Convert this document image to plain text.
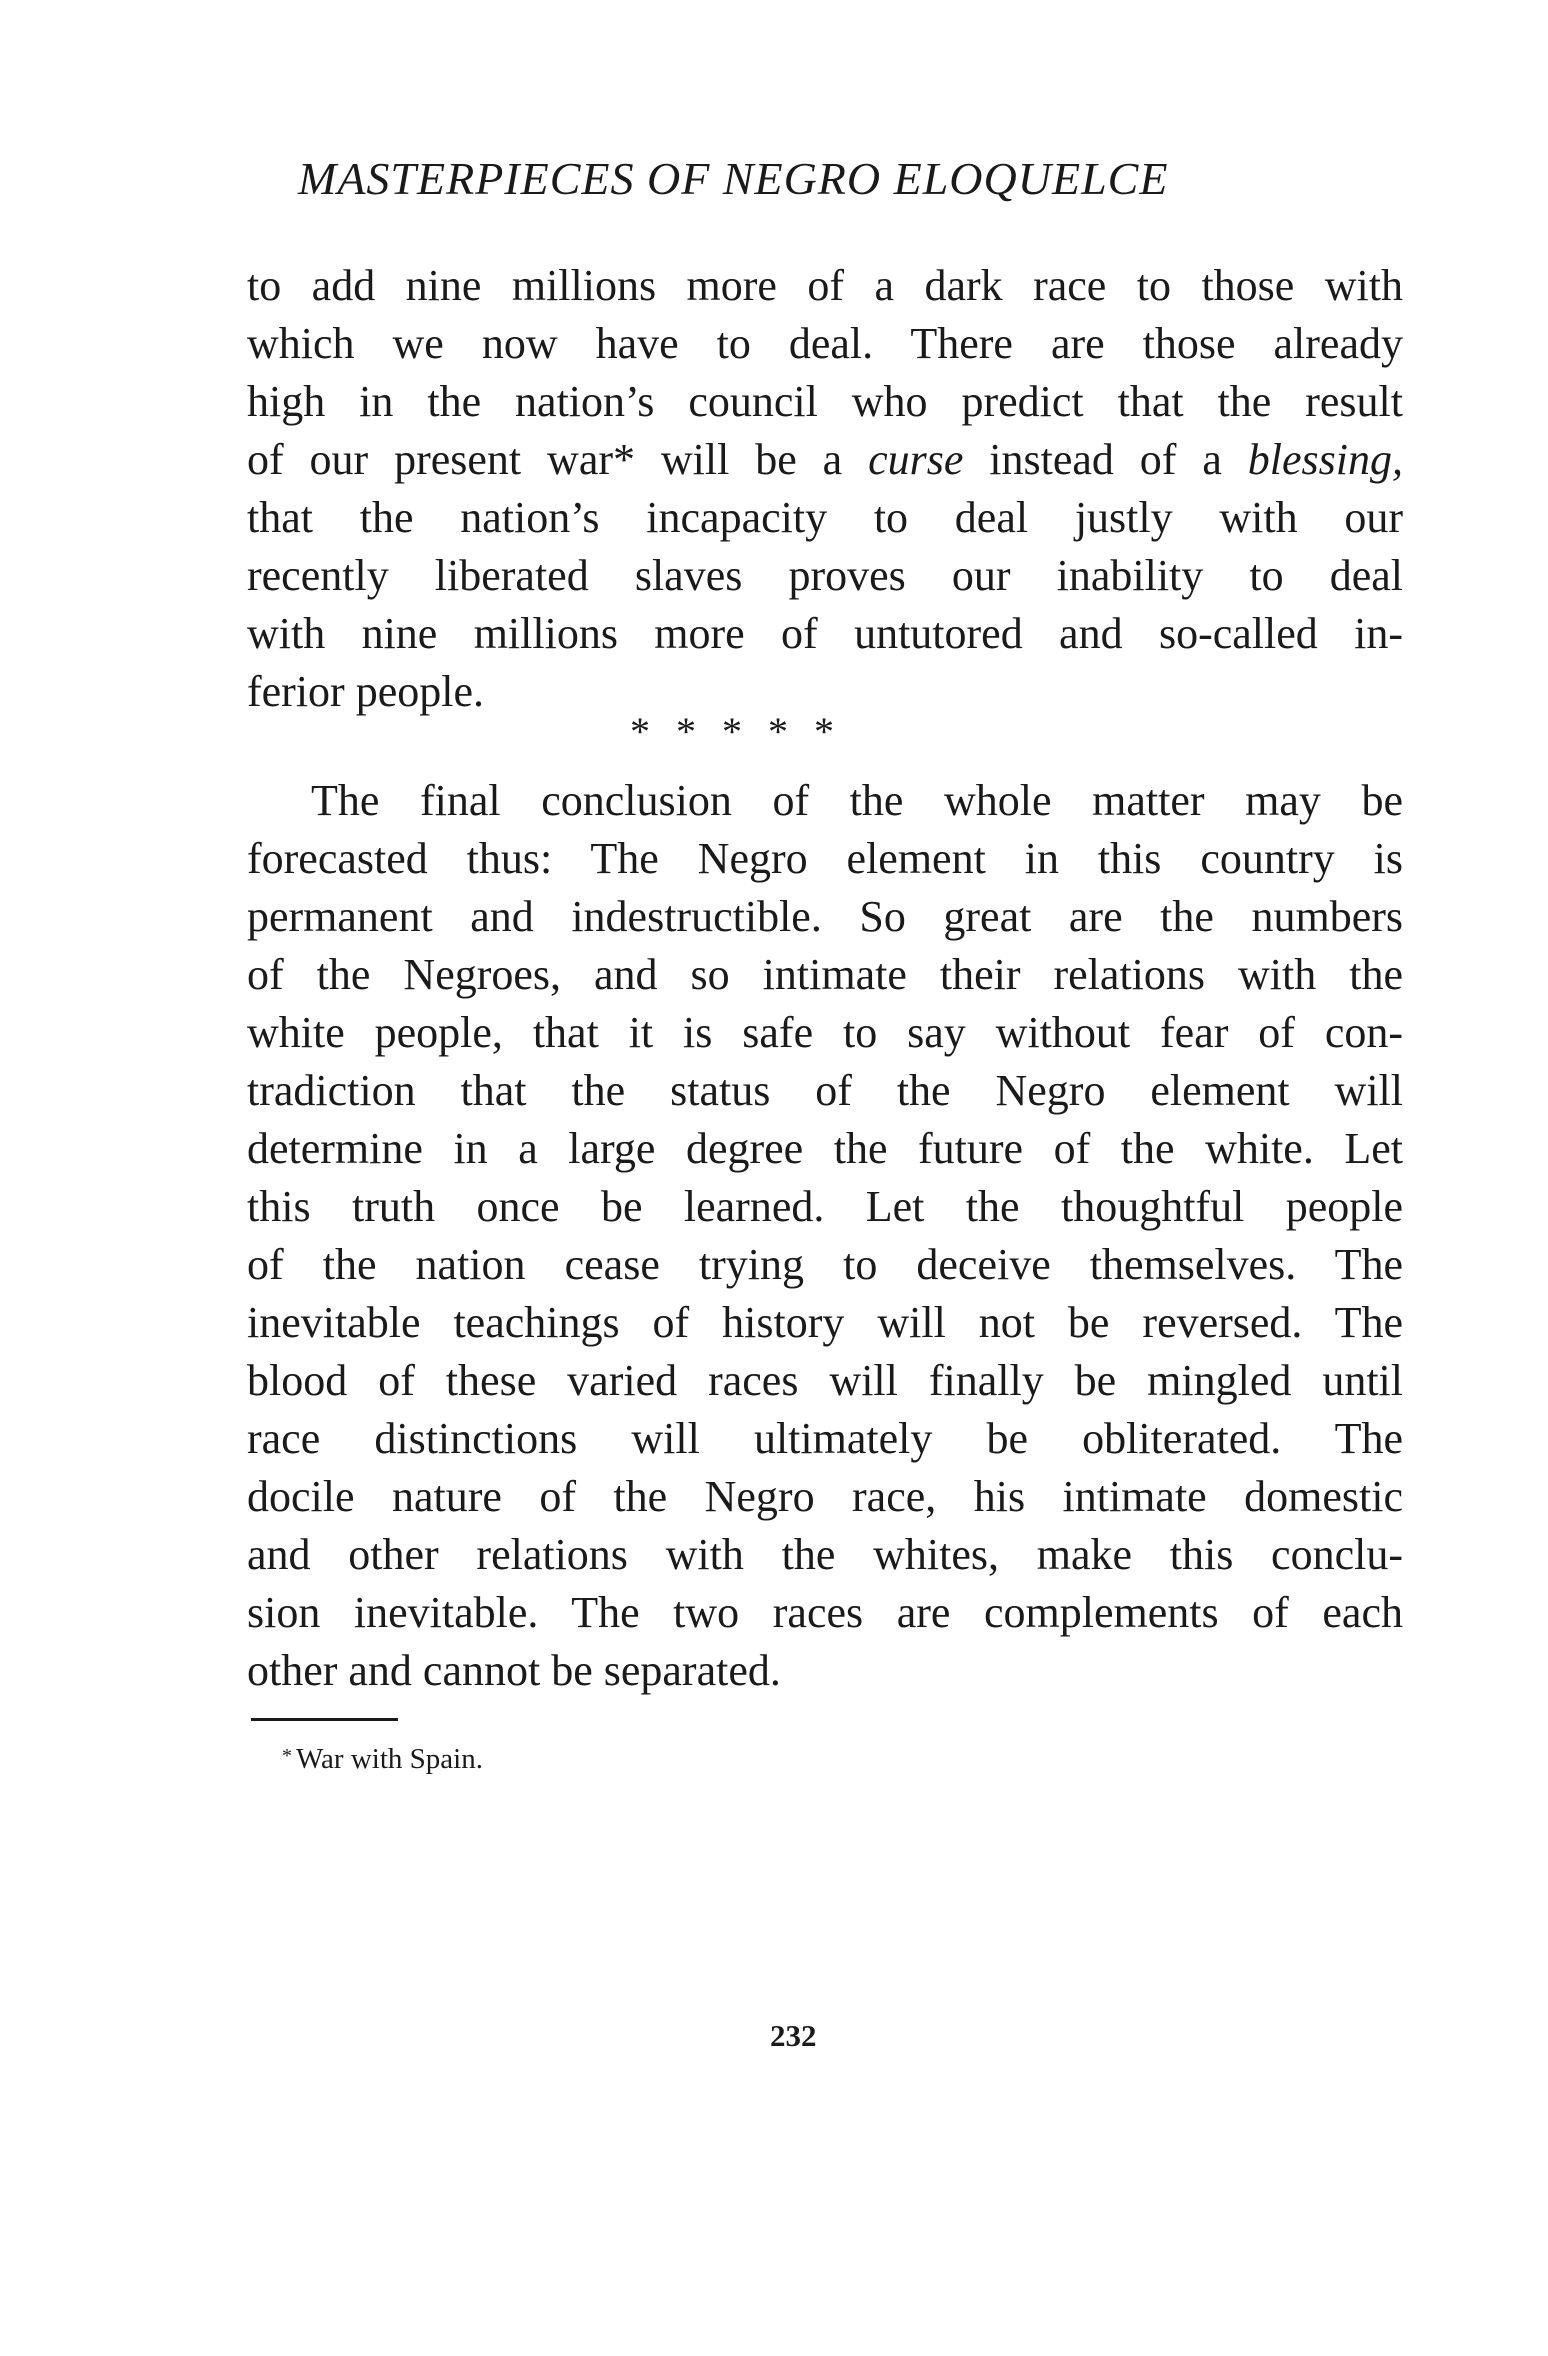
MASTERPIECES OF NEGRO ELOQUELCE
to add nine millions more of a dark race to those with
which we now have to deal. There are those already
high in the nation’s council who predict that the result
of our present war* will be a curse instead of a blessing,
that the nation’s incapacity to deal justly with our
recently liberated slaves proves our inability to deal
with nine millions more of untutored and so-called in-
ferior people.
*****
The final conclusion of the whole matter may be
forecasted thus: The Negro element in this country is
permanent and indestructible. So great are the numbers
of the Negroes, and so intimate their relations with the
white people, that it is safe to say without fear of con-
tradiction that the status of the Negro element will
determine in a large degree the future of the white. Let
this truth once be learned. Let the thoughtful people
of the nation cease trying to deceive themselves. The
inevitable teachings of history will not be reversed. The
blood of these varied races will finally be mingled until
race distinctions will ultimately be obliterated. The
docile nature of the Negro race, his intimate domestic
and other relations with the whites, make this conclu-
sion inevitable. The two races are complements of each
other and cannot be separated.
* War with Spain.
232
